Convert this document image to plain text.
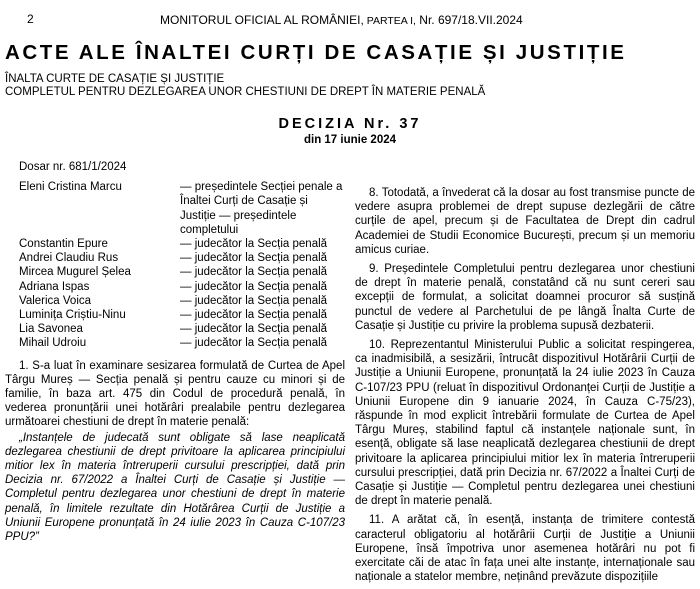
2	MONITORUL OFICIAL AL ROMÂNIEI, PARTEA I, Nr. 697/18.VII.2024
ACTE ALE ÎNALTEI CURȚI DE CASAȚIE ȘI JUSTIȚIE
ÎNALTA CURTE DE CASAȚIE ȘI JUSTIȚIE
COMPLETUL PENTRU DEZLEGAREA UNOR CHESTIUNI DE DREPT ÎN MATERIE PENALĂ
DECIZIA Nr. 37
din 17 iunie 2024
Dosar nr. 681/1/2024
Eleni Cristina Marcu	— președintele Secției penale a Înaltei Curți de Casație și Justiție — președintele completului
Constantin Epure	— judecător la Secția penală
Andrei Claudiu Rus	— judecător la Secția penală
Mircea Mugurel Șelea	— judecător la Secția penală
Adriana Ispas	— judecător la Secția penală
Valerica Voica	— judecător la Secția penală
Luminița Criștiu-Ninu	— judecător la Secția penală
Lia Savonea	— judecător la Secția penală
Mihail Udroiu	— judecător la Secția penală
1. S-a luat în examinare sesizarea formulată de Curtea de Apel Târgu Mureș — Secția penală și pentru cauze cu minori și de familie, în baza art. 475 din Codul de procedură penală, în vederea pronunțării unei hotărâri prealabile pentru dezlegarea următoarei chestiuni de drept în materie penală:
„Instanțele de judecată sunt obligate să lase neaplicată dezlegarea chestiunii de drept privitoare la aplicarea principiului mitior lex în materia întreruperii cursului prescripției, dată prin Decizia nr. 67/2022 a Înaltei Curți de Casație și Justiție — Completul pentru dezlegarea unor chestiuni de drept în materie penală, în limitele rezultate din Hotărârea Curții de Justiție a Uniunii Europene pronunțată în 24 iulie 2023 în Cauza C-107/23 PPU?”
8. Totodată, a învederat că la dosar au fost transmise puncte de vedere asupra problemei de drept supuse dezlegării de către curțile de apel, precum și de Facultatea de Drept din cadrul Academiei de Studii Economice București, precum și un memoriu amicus curiae.
9. Președintele Completului pentru dezlegarea unor chestiuni de drept în materie penală, constatând că nu sunt cereri sau excepții de formulat, a solicitat doamnei procuror să susțină punctul de vedere al Parchetului de pe lângă Înalta Curte de Casație și Justiție cu privire la problema supusă dezbaterii.
10. Reprezentantul Ministerului Public a solicitat respingerea, ca inadmisibilă, a sesizării, întrucât dispozitivul Hotărârii Curții de Justiție a Uniunii Europene, pronunțată la 24 iulie 2023 în Cauza C-107/23 PPU (reluat în dispozitivul Ordonanței Curții de Justiție a Uniunii Europene din 9 ianuarie 2024, în Cauza C-75/23), răspunde în mod explicit întrebării formulate de Curtea de Apel Târgu Mureș, stabilind faptul că instanțele naționale sunt, în esență, obligate să lase neaplicată dezlegarea chestiunii de drept privitoare la aplicarea principiului mitior lex în materia întreruperii cursului prescripției, dată prin Decizia nr. 67/2022 a Înaltei Curți de Casație și Justiție — Completul pentru dezlegarea unei chestiuni de drept în materie penală.
11. A arătat că, în esență, instanța de trimitere contestă caracterul obligatoriu al hotărârii Curții de Justiție a Uniunii Europene, însă împotriva unor asemenea hotărâri nu pot fi exercitate căi de atac în fața unei alte instanțe, internaționale sau naționale a statelor membre, neținând prevăzute dispozițiile
